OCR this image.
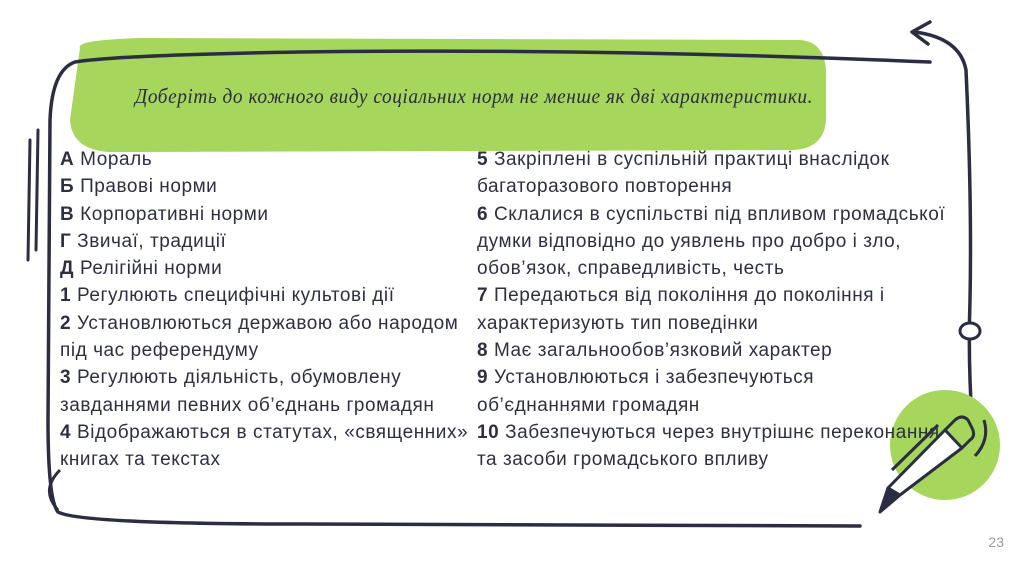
Доберіть до кожного виду соціальних норм не менше як дві характеристики.
А Мораль
Б Правові норми
В Корпоративні норми
Г Звичаї, традиції
Д Релігійні норми
1 Регулюють специфічні культові дії
2 Установлюються державою або народом під час референдуму
3 Регулюють діяльність, обумовлену завданнями певних об’єднань громадян
4 Відображаються в статутах, «священних» книгах та текстах
5 Закріплені в суспільній практиці внаслідок багаторазового повторення
6 Склалися в суспільстві під впливом громадської думки відповідно до уявлень про добро і зло, обов’язок, справедливість, честь
7 Передаються від покоління до покоління і характеризують тип поведінки
8 Має загальнообов’язковий характер
9 Установлюються і забезпечуються об’єднаннями громадян
10 Забезпечуються через внутрішнє переконання та засоби громадського впливу
23
